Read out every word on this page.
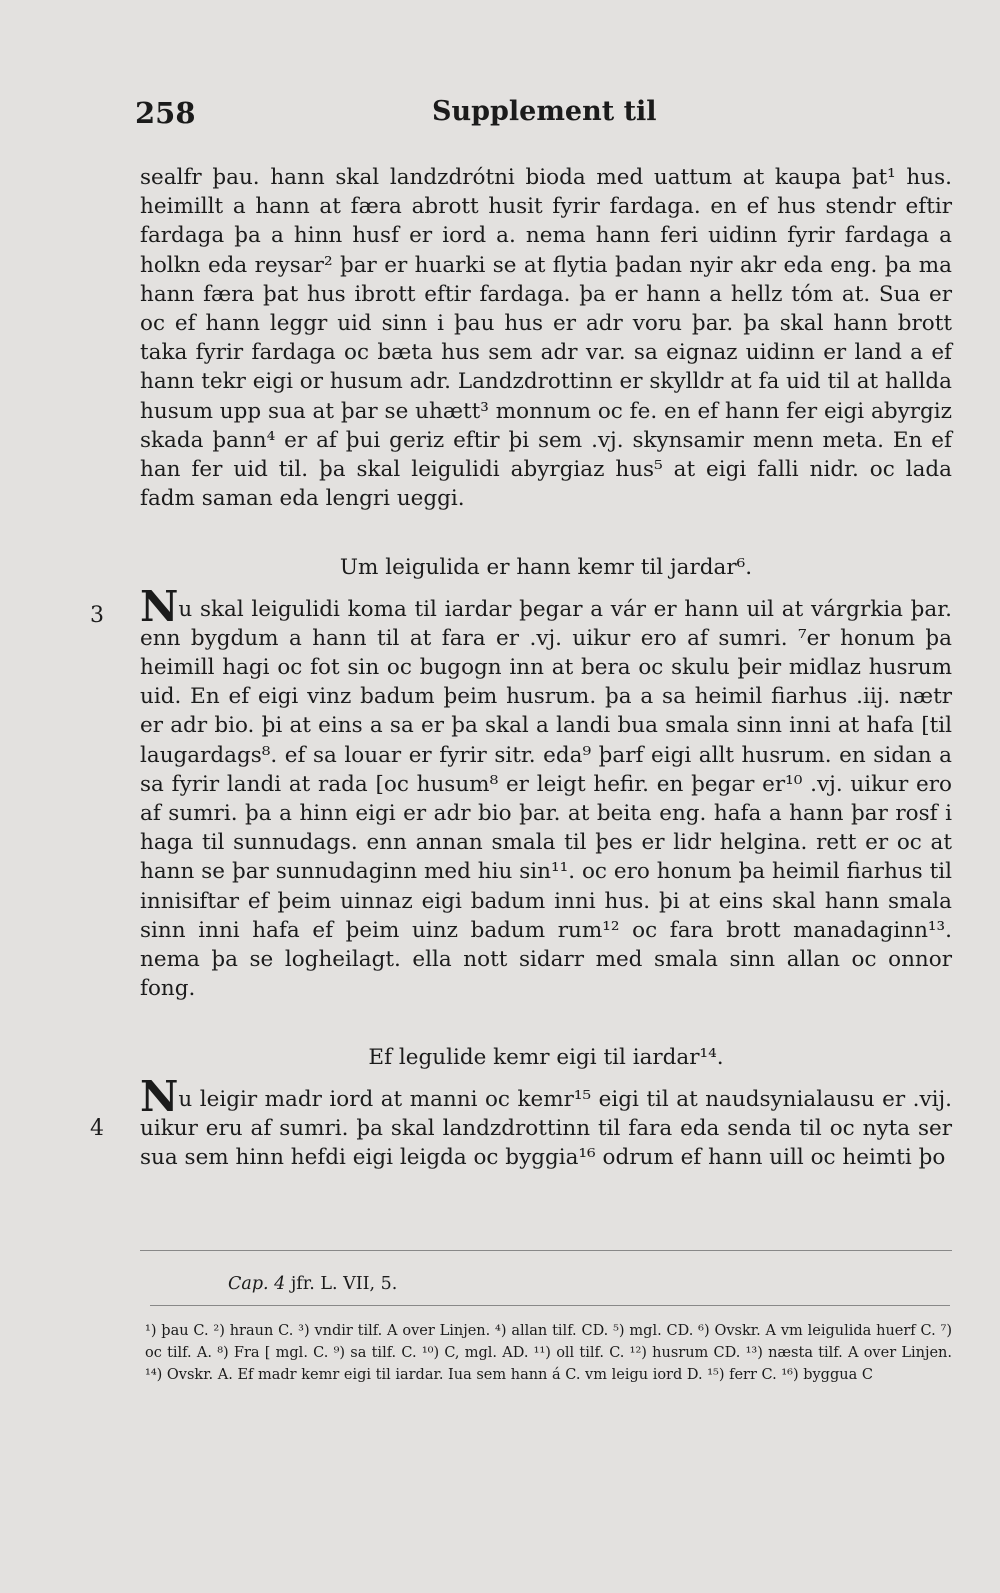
258	Supplement til
3
4

sealfr þau. hann skal landzdrótni bioda med uattum at kaupa þat¹ hus. heimillt a hann at færa abrott husit fyrir fardaga. en ef hus stendr eftir fardaga þa a hinn husf er iord a. nema hann feri uidinn fyrir fardaga a holkn eda reysar² þar er huarki se at flytia þadan nyir akr eda eng. þa ma hann færa þat hus ibrott eftir fardaga. þa er hann a hellz tóm at. Sua er oc ef hann leggr uid sinn i þau hus er adr voru þar. þa skal hann brott taka fyrir fardaga oc bæta hus sem adr var. sa eignaz uidinn er land a ef hann tekr eigi or husum adr. Landzdrottinn er skylldr at fa uid til at hallda husum upp sua at þar se uhætt³ monnum oc fe. en ef hann fer eigi abyrgiz skada þann⁴ er af þui geriz eftir þi sem .vj. skynsamir menn meta. En ef han fer uid til. þa skal leigulidi abyrgiaz hus⁵ at eigi falli nidr. oc lada fadm saman eda lengri ueggi.

Um leigulida er hann kemr til jardar⁶.

Nu skal leigulidi koma til iardar þegar a vár er hann uil at várgrkia þar. enn bygdum a hann til at fara er .vj. uikur ero af sumri. ⁷er honum þa heimill hagi oc fot sin oc bugogn inn at bera oc skulu þeir midlaz husrum uid. En ef eigi vinz badum þeim husrum. þa a sa heimil fiarhus .iij. nætr er adr bio. þi at eins a sa er þa skal a landi bua smala sinn inni at hafa [til laugardags⁸. ef sa louar er fyrir sitr. eda⁹ þarf eigi allt husrum. en sidan a sa fyrir landi at rada [oc husum⁸ er leigt hefir. en þegar er¹⁰ .vj. uikur ero af sumri. þa a hinn eigi er adr bio þar. at beita eng. hafa a hann þar rosf i haga til sunnudags. enn annan smala til þes er lidr helgina. rett er oc at hann se þar sunnudaginn med hiu sin¹¹. oc ero honum þa heimil fiarhus til innisiftar ef þeim uinnaz eigi badum inni hus. þi at eins skal hann smala sinn inni hafa ef þeim uinz badum rum¹² oc fara brott manadaginn¹³. nema þa se logheilagt. ella nott sidarr med smala sinn allan oc onnor fong.

Ef legulide kemr eigi til iardar¹⁴.

Nu leigir madr iord at manni oc kemr¹⁵ eigi til at naudsynialausu er .vij. uikur eru af sumri. þa skal landzdrottinn til fara eda senda til oc nyta ser sua sem hinn hefdi eigi leigda oc byggia¹⁶ odrum ef hann uill oc heimti þo

Cap. 4 jfr. L. VII, 5.
¹) þau C. ²) hraun C. ³) vndir tilf. A over Linjen. ⁴) allan tilf. CD. ⁵) mgl. CD. ⁶) Ovskr. A vm leigulida huerf C. ⁷) oc tilf. A. ⁸) Fra [ mgl. C. ⁹) sa tilf. C. ¹⁰) C, mgl. AD. ¹¹) oll tilf. C. ¹²) husrum CD. ¹³) næsta tilf. A over Linjen. ¹⁴) Ovskr. A. Ef madr kemr eigi til iardar. Iua sem hann á C. vm leigu iord D. ¹⁵) ferr C. ¹⁶) byggua C
